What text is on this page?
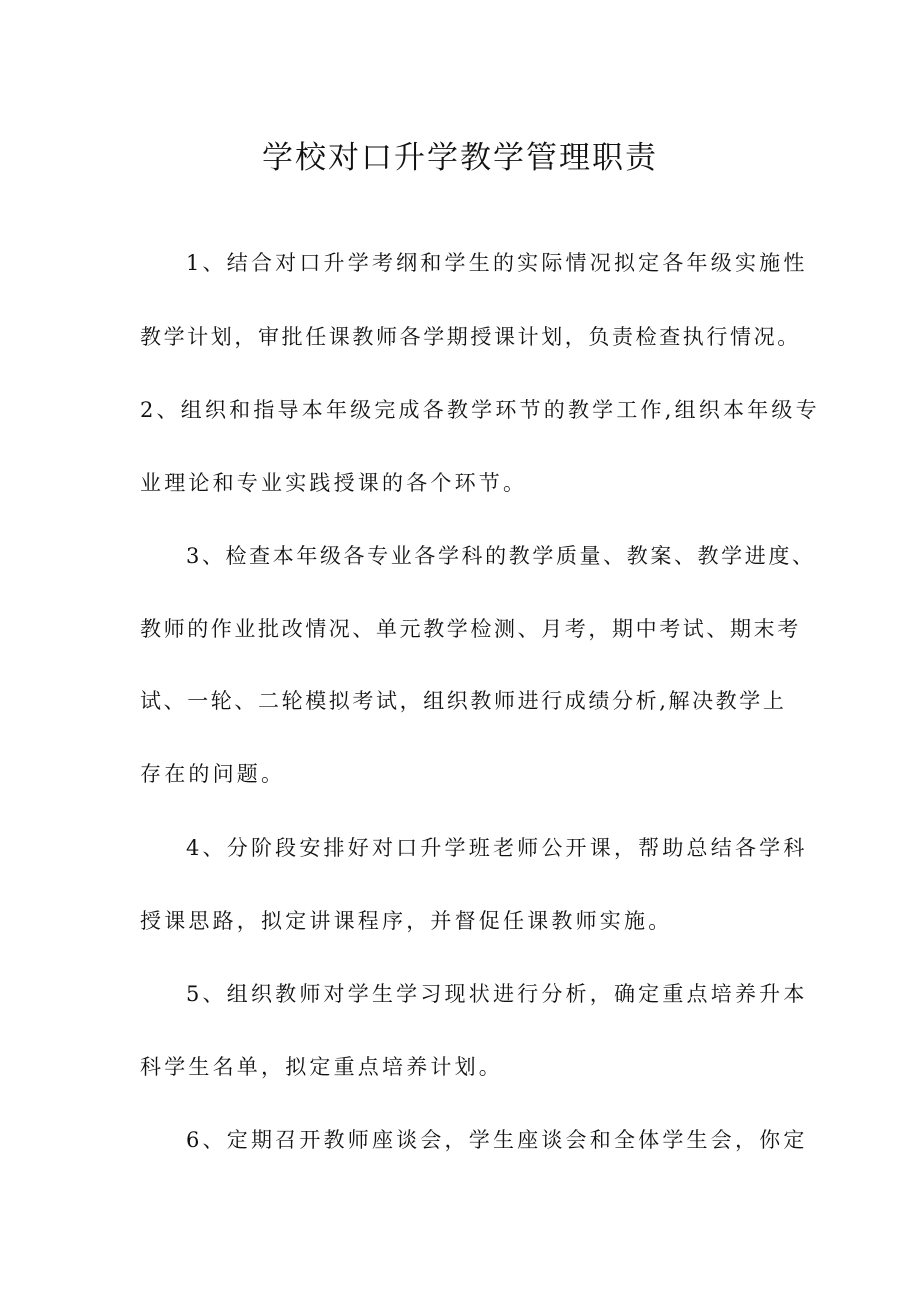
学校对口升学教学管理职责
1、结合对口升学考纲和学生的实际情况拟定各年级实施性
教学计划，审批任课教师各学期授课计划，负责检查执行情况。
2、组织和指导本年级完成各教学环节的教学工作,组织本年级专
业理论和专业实践授课的各个环节。
3、检查本年级各专业各学科的教学质量、教案、教学进度、
教师的作业批改情况、单元教学检测、月考，期中考试、期末考
试、一轮、二轮模拟考试，组织教师进行成绩分析,解决教学上
存在的问题。
4、分阶段安排好对口升学班老师公开课，帮助总结各学科
授课思路，拟定讲课程序，并督促任课教师实施。
5、组织教师对学生学习现状进行分析，确定重点培养升本
科学生名单，拟定重点培养计划。
6、定期召开教师座谈会，学生座谈会和全体学生会，你定
